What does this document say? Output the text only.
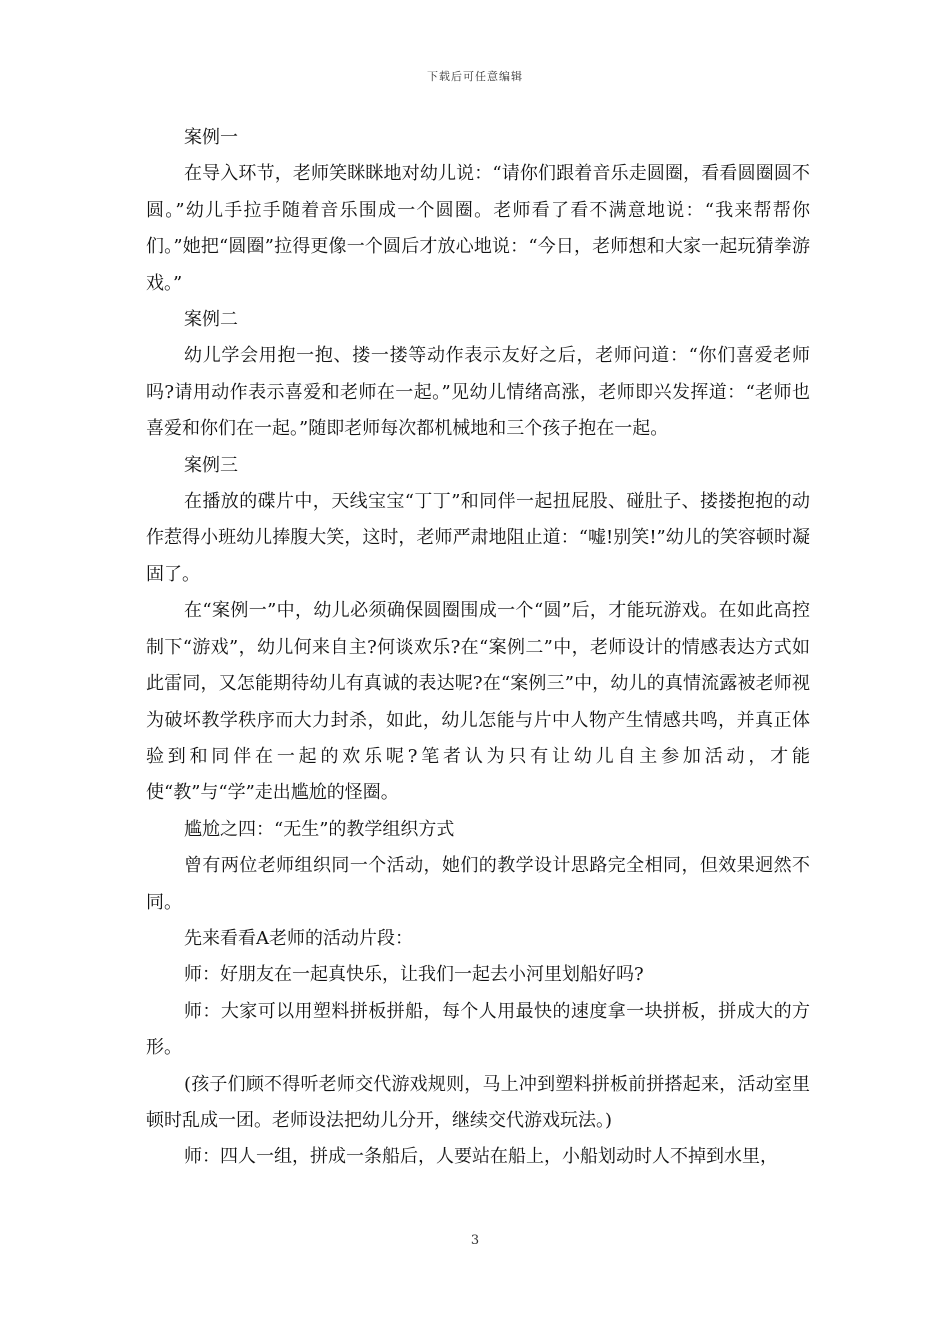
下载后可任意编辑

案例一

在导入环节，老师笑眯眯地对幼儿说：“请你们跟着音乐走圆圈，看看圆圈圆不圆。”幼儿手拉手随着音乐围成一个圆圈。老师看了看不满意地说：“我来帮帮你们。”她把“圆圈”拉得更像一个圆后才放心地说：“今日，老师想和大家一起玩猜拳游戏。”

案例二

幼儿学会用抱一抱、搂一搂等动作表示友好之后，老师问道：“你们喜爱老师吗?请用动作表示喜爱和老师在一起。”见幼儿情绪高涨，老师即兴发挥道：“老师也喜爱和你们在一起。”随即老师每次都机械地和三个孩子抱在一起。

案例三

在播放的碟片中，天线宝宝“丁丁”和同伴一起扭屁股、碰肚子、搂搂抱抱的动作惹得小班幼儿捧腹大笑，这时，老师严肃地阻止道：“嘘!别笑!”幼儿的笑容顿时凝固了。

在“案例一”中，幼儿必须确保圆圈围成一个“圆”后，才能玩游戏。在如此高控制下“游戏”，幼儿何来自主?何谈欢乐?在“案例二”中，老师设计的情感表达方式如此雷同，又怎能期待幼儿有真诚的表达呢?在“案例三”中，幼儿的真情流露被老师视为破坏教学秩序而大力封杀，如此，幼儿怎能与片中人物产生情感共鸣，并真正体验到和同伴在一起的欢乐呢?笔者认为只有让幼儿自主参加活动，才能使“教”与“学”走出尴尬的怪圈。

尴尬之四：“无生”的教学组织方式

曾有两位老师组织同一个活动，她们的教学设计思路完全相同，但效果迥然不同。

先来看看A老师的活动片段：

师：好朋友在一起真快乐，让我们一起去小河里划船好吗?

师：大家可以用塑料拼板拼船，每个人用最快的速度拿一块拼板，拼成大的方形。

(孩子们顾不得听老师交代游戏规则，马上冲到塑料拼板前拼搭起来，活动室里顿时乱成一团。老师设法把幼儿分开，继续交代游戏玩法。)

师：四人一组，拼成一条船后，人要站在船上，小船划动时人不掉到水里，

3
